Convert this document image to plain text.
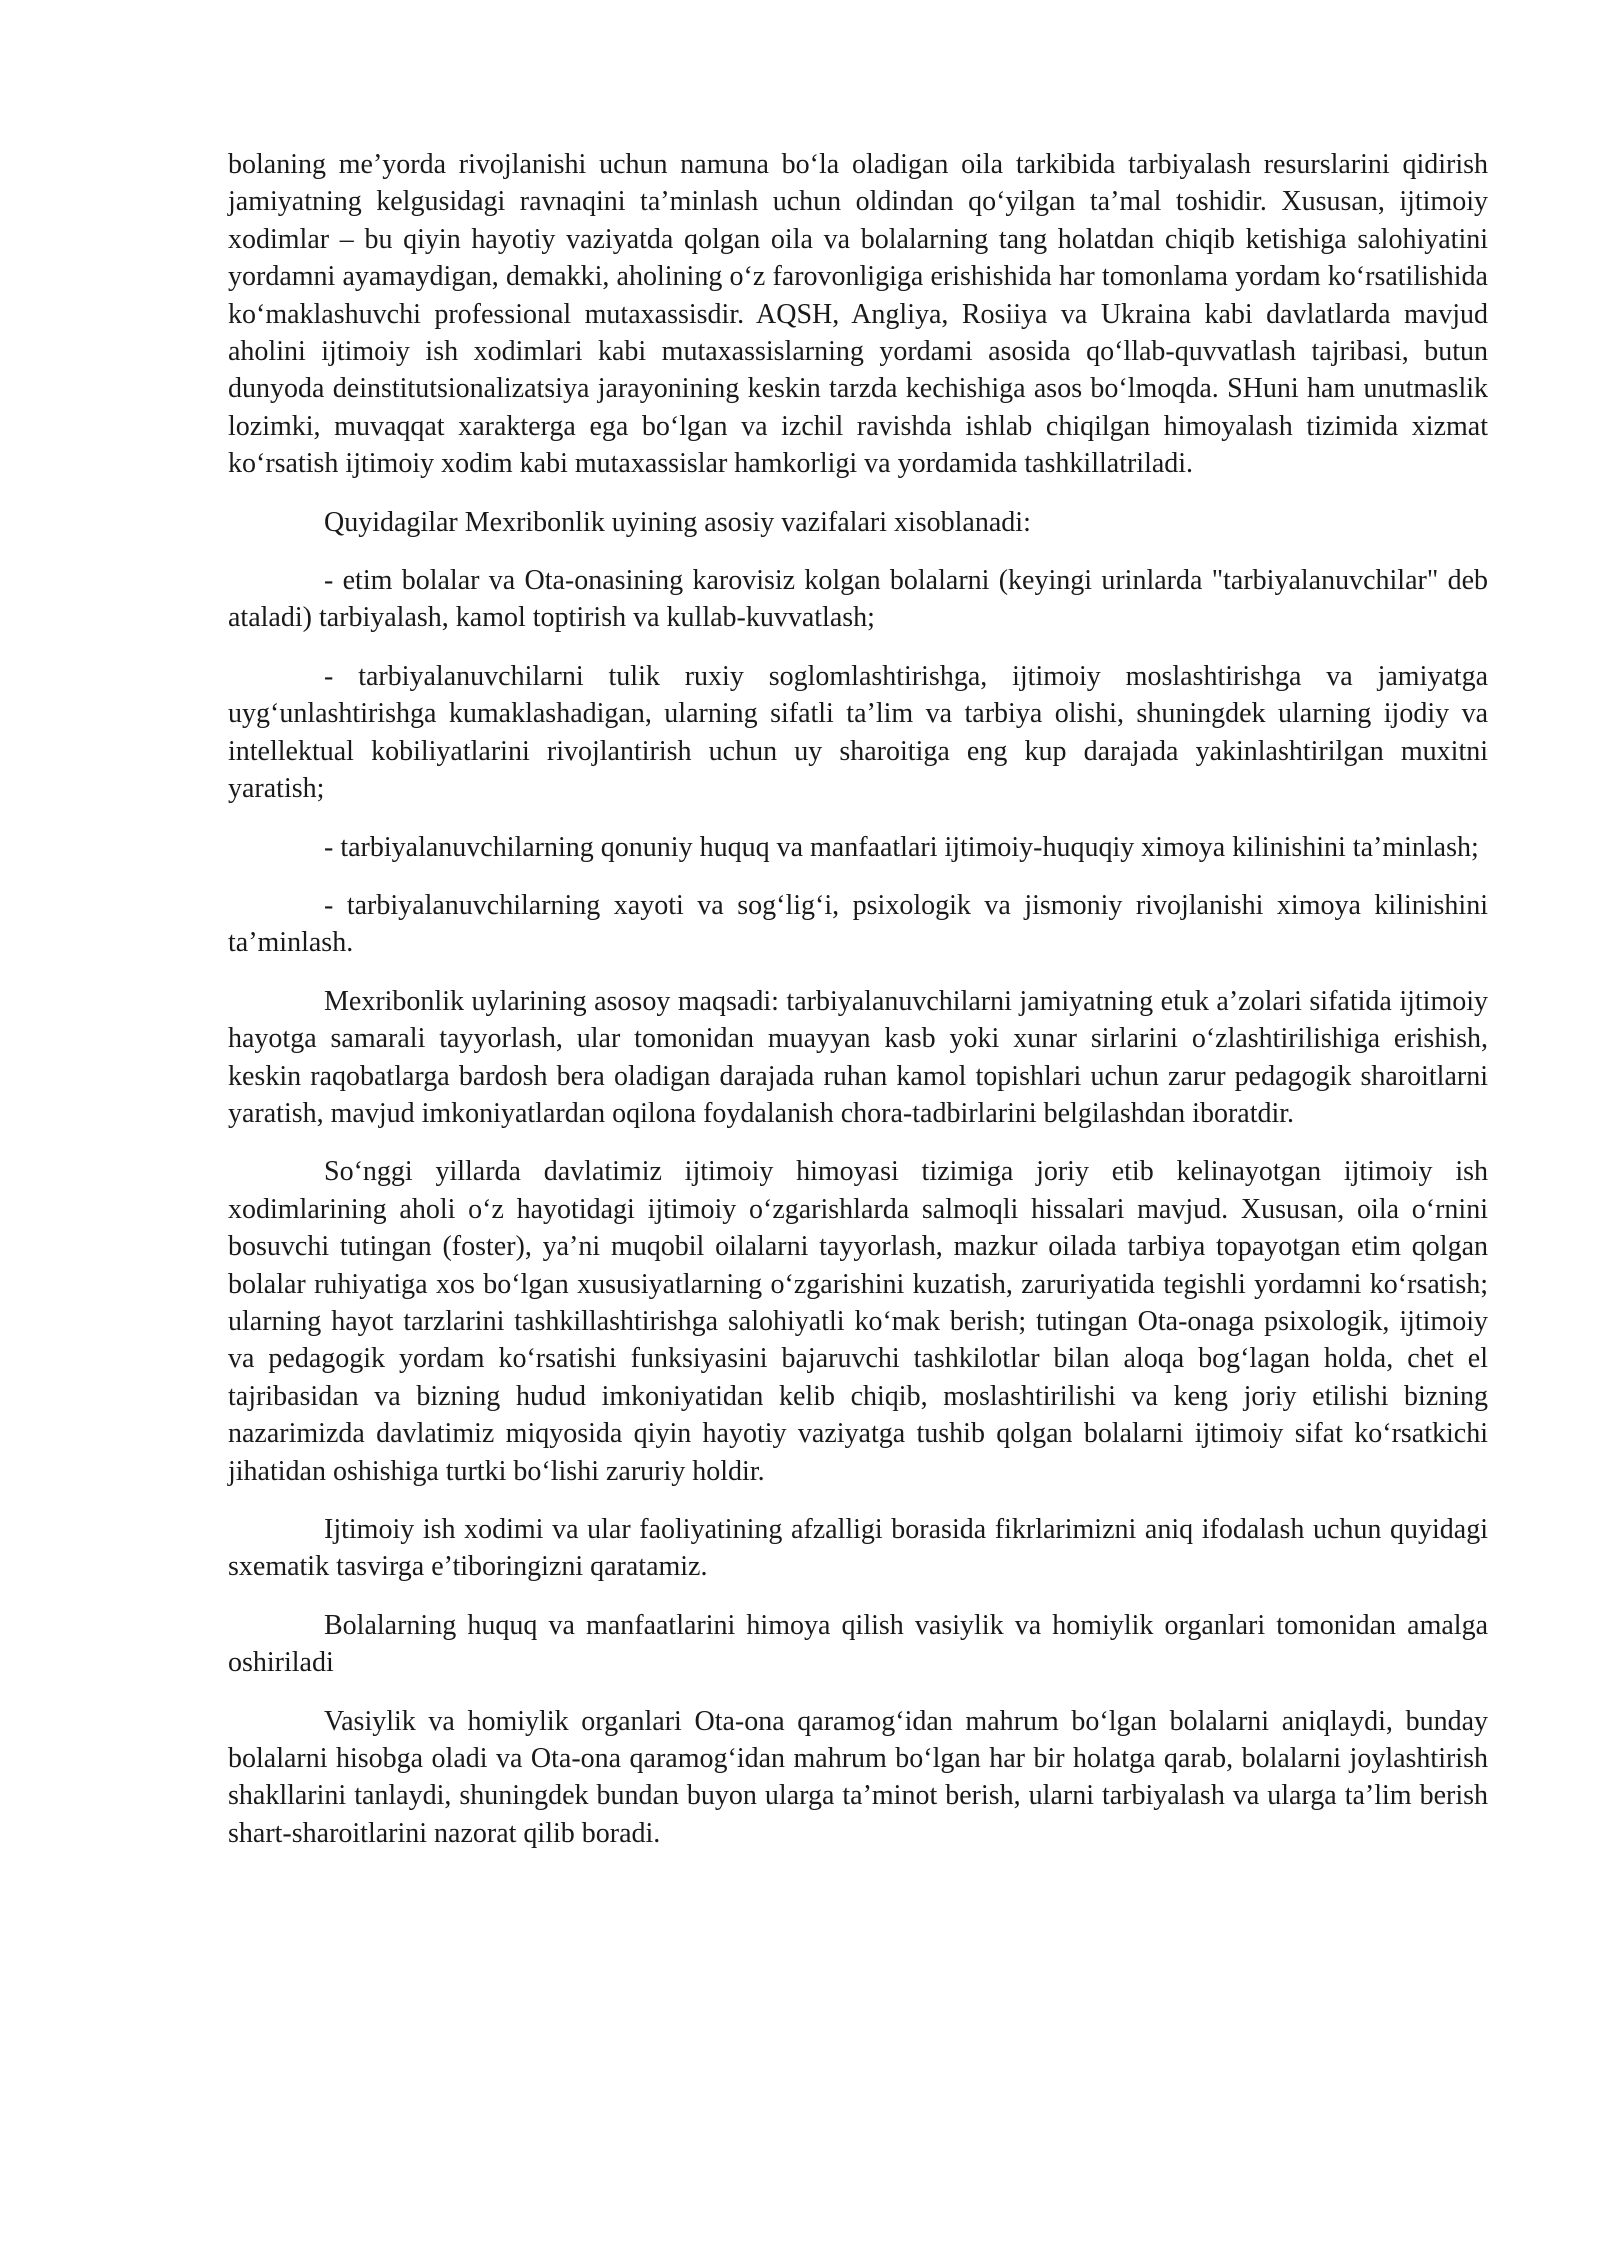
bolaning me’yorda rivojlanishi uchun namuna bo‘la oladigan oila tarkibida tarbiyalash resurslarini qidirish jamiyatning kelgusidagi ravnaqini ta’minlash uchun oldindan qo‘yilgan ta’mal toshidir. Xususan, ijtimoiy xodimlar – bu qiyin hayotiy vaziyatda qolgan oila va bolalarning tang holatdan chiqib ketishiga salohiyatini yordamni ayamaydigan, demakki, aholining o‘z farovonligiga erishishida har tomonlama yordam ko‘rsatilishida ko‘maklashuvchi professional mutaxassisdir. AQSH, Angliya, Rosiiya va Ukraina kabi davlatlarda mavjud aholini ijtimoiy ish xodimlari kabi mutaxassislarning yordami asosida qo‘llab-quvvatlash tajribasi, butun dunyoda deinstitutsionalizatsiya jarayonining keskin tarzda kechishiga asos bo‘lmoqda. SHuni ham unutmaslik lozimki, muvaqqat xarakterga ega bo‘lgan va izchil ravishda ishlab chiqilgan himoyalash tizimida xizmat ko‘rsatish ijtimoiy xodim kabi mutaxassislar hamkorligi va yordamida tashkillatriladi.

Quyidagilar Mexribonlik uyining asosiy vazifalari xisoblanadi:

- etim bolalar va Ota-onasining karovisiz kolgan bolalarni (keyingi urinlarda "tarbiyalanuvchilar" deb ataladi) tarbiyalash, kamol toptirish va kullab-kuvvatlash;

- tarbiyalanuvchilarni tulik ruxiy soglomlashtirishga, ijtimoiy moslashtirishga va jamiyatga uyg‘unlashtirishga kumaklashadigan, ularning sifatli ta’lim va tarbiya olishi, shuningdek ularning ijodiy va intellektual kobiliyatlarini rivojlantirish uchun uy sharoitiga eng kup darajada yakinlashtirilgan muxitni yaratish;

- tarbiyalanuvchilarning qonuniy huquq va manfaatlari ijtimoiy-huquqiy ximoya kilinishini ta’minlash;

- tarbiyalanuvchilarning xayoti va sog‘lig‘i, psixologik va jismoniy rivojlanishi ximoya kilinishini ta’minlash.

Mexribonlik uylarining asosoy maqsadi: tarbiyalanuvchilarni jamiyatning etuk a’zolari sifatida ijtimoiy hayotga samarali tayyorlash, ular tomonidan muayyan kasb yoki xunar sirlarini o‘zlashtirilishiga erishish, keskin raqobatlarga bardosh bera oladigan darajada ruhan kamol topishlari uchun zarur pedagogik sharoitlarni yaratish, mavjud imkoniyatlardan oqilona foydalanish chora-tadbirlarini belgilashdan iboratdir.

So‘nggi yillarda davlatimiz ijtimoiy himoyasi tizimiga joriy etib kelinayotgan ijtimoiy ish xodimlarining aholi o‘z hayotidagi ijtimoiy o‘zgarishlarda salmoqli hissalari mavjud. Xususan, oila o‘rnini bosuvchi tutingan (foster), ya’ni muqobil oilalarni tayyorlash, mazkur oilada tarbiya topayotgan etim qolgan bolalar ruhiyatiga xos bo‘lgan xususiyatlarning o‘zgarishini kuzatish, zaruriyatida tegishli yordamni ko‘rsatish; ularning hayot tarzlarini tashkillashtirishga salohiyatli ko‘mak berish; tutingan Ota-onaga psixologik, ijtimoiy va pedagogik yordam ko‘rsatishi funksiyasini bajaruvchi tashkilotlar bilan aloqa bog‘lagan holda, chet el tajribasidan va bizning hudud imkoniyatidan kelib chiqib, moslashtirilishi va keng joriy etilishi bizning nazarimizda davlatimiz miqyosida qiyin hayotiy vaziyatga tushib qolgan bolalarni ijtimoiy sifat ko‘rsatkichi jihatidan oshishiga turtki bo‘lishi zaruriy holdir.

Ijtimoiy ish xodimi va ular faoliyatining afzalligi borasida fikrlarimizni aniq ifodalash uchun quyidagi sxematik tasvirga e’tiboringizni qaratamiz.

Bolalarning huquq va manfaatlarini himoya qilish vasiylik va homiylik organlari tomonidan amalga oshiriladi

Vasiylik va homiylik organlari Ota-ona qaramog‘idan mahrum bo‘lgan bolalarni aniqlaydi, bunday bolalarni hisobga oladi va Ota-ona qaramog‘idan mahrum bo‘lgan har bir holatga qarab, bolalarni joylashtirish shakllarini tanlaydi, shuningdek bundan buyon ularga ta’minot berish, ularni tarbiyalash va ularga ta’lim berish shart-sharoitlarini nazorat qilib boradi.
